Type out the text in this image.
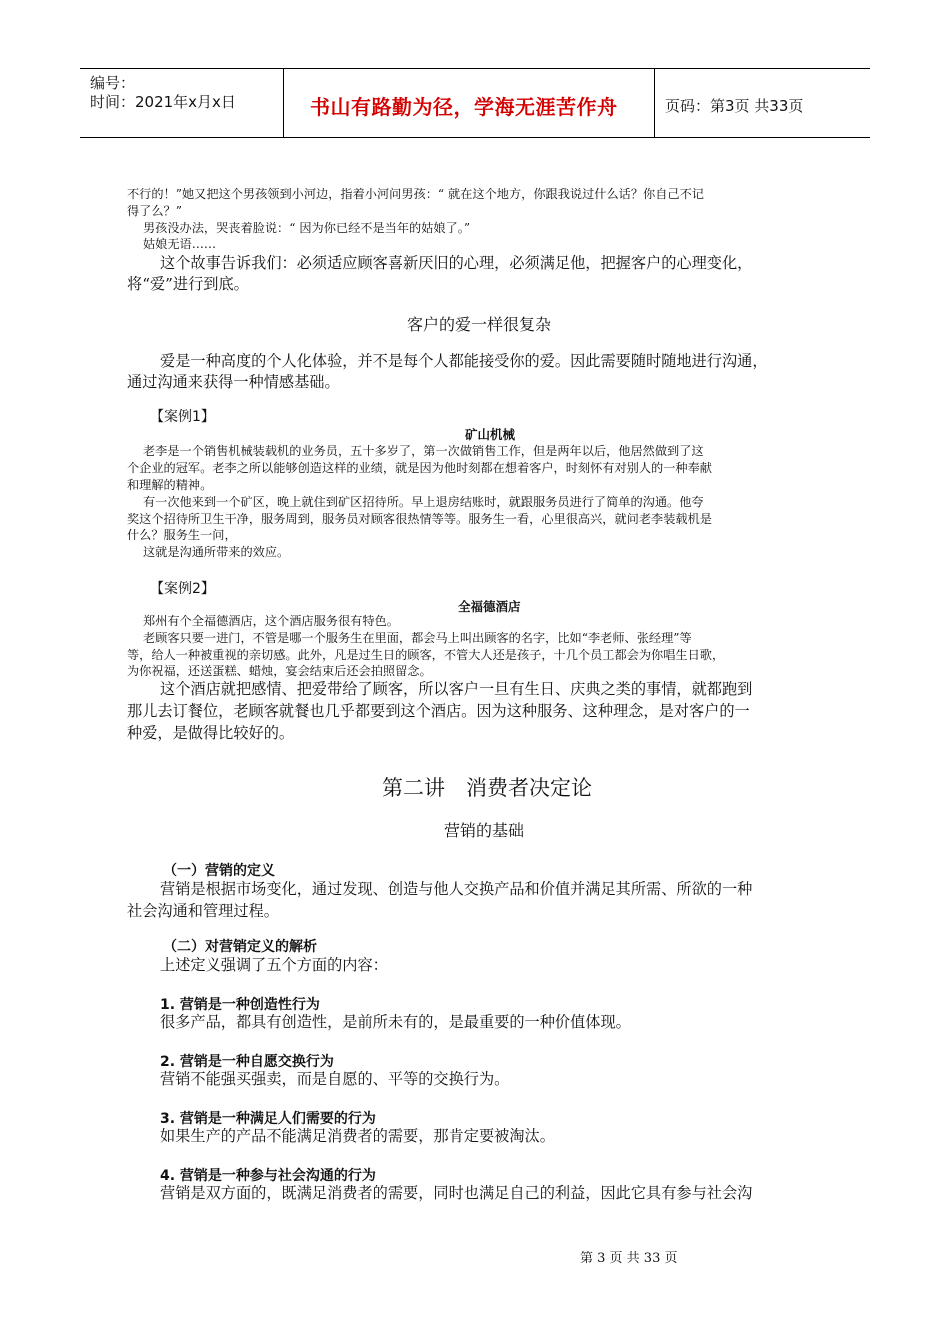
编号：
时间：2021年x月x日	书山有路勤为径，学海无涯苦作舟	页码：第3页 共33页
不行的！”她又把这个男孩领到小河边，指着小河问男孩：“ 就在这个地方，你跟我说过什么话？你自己不记
得了么？”
男孩没办法，哭丧着脸说：“ 因为你已经不是当年的姑娘了。”
姑娘无语……
这个故事告诉我们：必须适应顾客喜新厌旧的心理，必须满足他，把握客户的心理变化，
将“爱”进行到底。
客户的爱一样很复杂
爱是一种高度的个人化体验，并不是每个人都能接受你的爱。因此需要随时随地进行沟通，
通过沟通来获得一种情感基础。
【案例1】
矿山机械
老李是一个销售机械装载机的业务员，五十多岁了，第一次做销售工作，但是两年以后，他居然做到了这
个企业的冠军。老李之所以能够创造这样的业绩，就是因为他时刻都在想着客户，时刻怀有对别人的一种奉献
和理解的精神。
有一次他来到一个矿区，晚上就住到矿区招待所。早上退房结账时，就跟服务员进行了简单的沟通。他夸
奖这个招待所卫生干净，服务周到，服务员对顾客很热情等等。服务生一看，心里很高兴，就问老李装载机是
什么？服务生一问，
这就是沟通所带来的效应。
【案例2】
全福德酒店
郑州有个全福德酒店，这个酒店服务很有特色。
老顾客只要一进门，不管是哪一个服务生在里面，都会马上叫出顾客的名字，比如“李老师、张经理”等
等，给人一种被重视的亲切感。此外，凡是过生日的顾客，不管大人还是孩子，十几个员工都会为你唱生日歌，
为你祝福，还送蛋糕、蜡烛，宴会结束后还会拍照留念。
这个酒店就把感情、把爱带给了顾客，所以客户一旦有生日、庆典之类的事情，就都跑到
那儿去订餐位，老顾客就餐也几乎都要到这个酒店。因为这种服务、这种理念，是对客户的一
种爱，是做得比较好的。
第二讲　消费者决定论
营销的基础
（一）营销的定义
营销是根据市场变化，通过发现、创造与他人交换产品和价值并满足其所需、所欲的一种
社会沟通和管理过程。
（二）对营销定义的解析
上述定义强调了五个方面的内容：
1. 营销是一种创造性行为
很多产品，都具有创造性，是前所未有的，是最重要的一种价值体现。
2. 营销是一种自愿交换行为
营销不能强买强卖，而是自愿的、平等的交换行为。
3. 营销是一种满足人们需要的行为
如果生产的产品不能满足消费者的需要，那肯定要被淘汰。
4. 营销是一种参与社会沟通的行为
营销是双方面的，既满足消费者的需要，同时也满足自己的利益，因此它具有参与社会沟
第 3 页 共 33 页
